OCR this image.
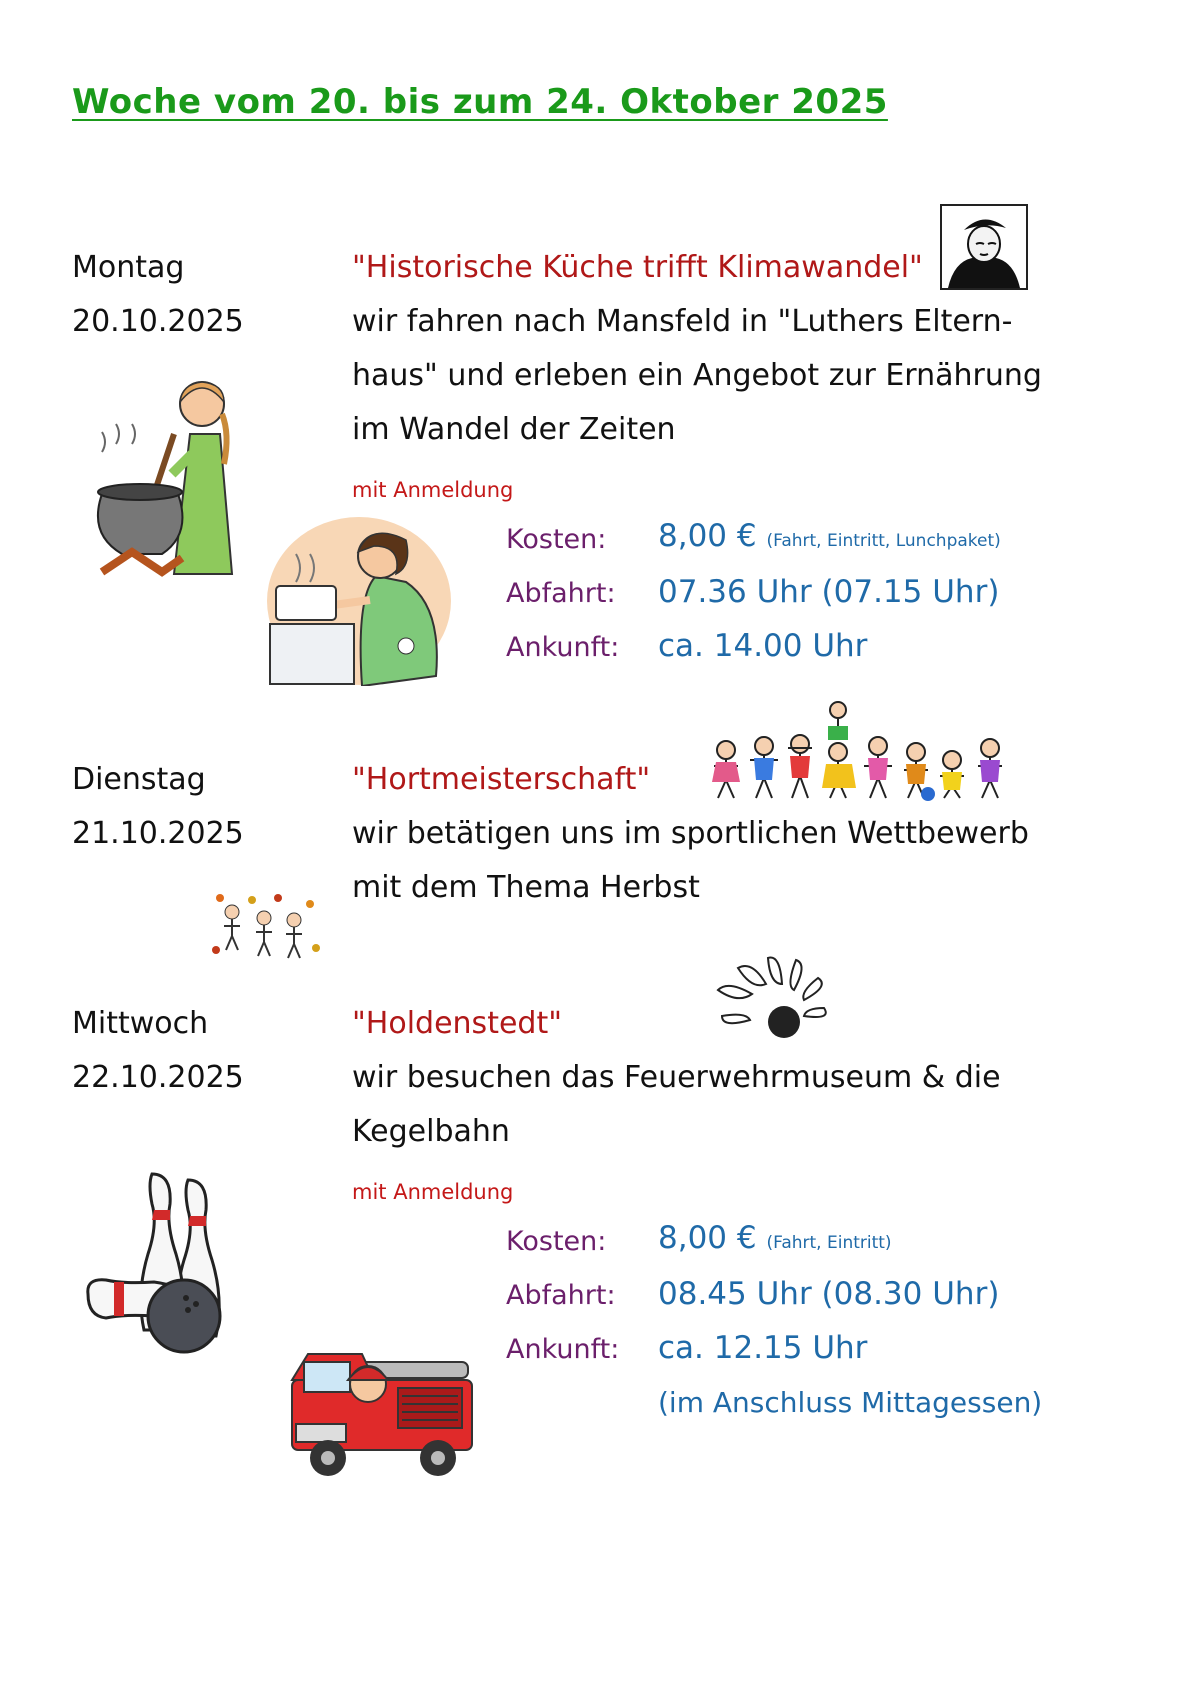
Woche vom 20. bis zum 24. Oktober 2025
Montag
20.10.2025
"Historische Küche trifft Klimawandel"
wir fahren nach Mansfeld in "Luthers Eltern-
haus" und erleben ein Angebot zur Ernährung
im Wandel der Zeiten
mit Anmeldung
Kosten: 8,00 € (Fahrt, Eintritt, Lunchpaket)
Abfahrt: 07.36 Uhr (07.15 Uhr)
Ankunft: ca. 14.00 Uhr
Dienstag
21.10.2025
"Hortmeisterschaft"
wir betätigen uns im sportlichen Wettbewerb
mit dem Thema Herbst
Mittwoch
22.10.2025
"Holdenstedt"
wir besuchen das Feuerwehrmuseum & die
Kegelbahn
mit Anmeldung
Kosten: 8,00 € (Fahrt, Eintritt)
Abfahrt: 08.45 Uhr (08.30 Uhr)
Ankunft: ca. 12.15 Uhr
(im Anschluss Mittagessen)
